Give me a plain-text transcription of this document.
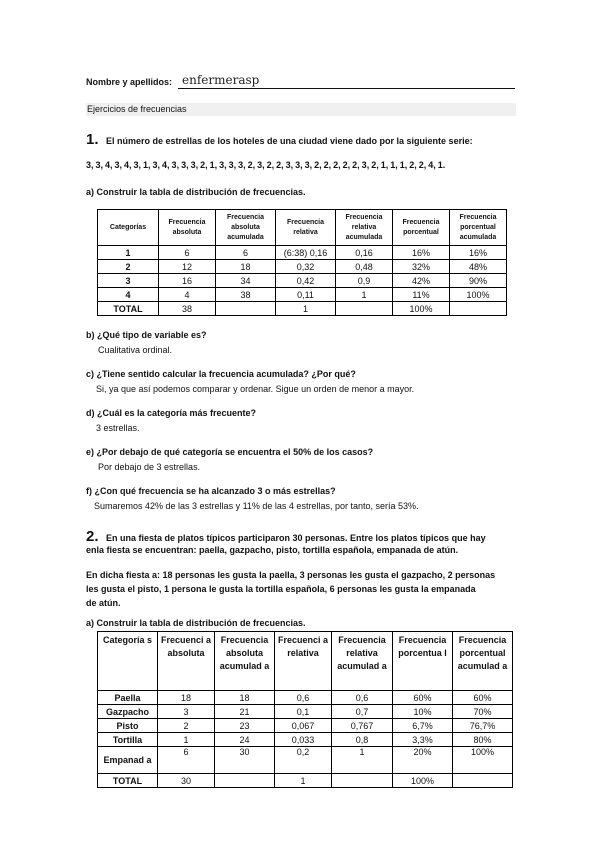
Nombre y apellidos: enfermerasp
Ejercicios de frecuencias
1. El número de estrellas de los hoteles de una ciudad viene dado por la siguiente serie:
3, 3, 4, 3, 4, 3, 1, 3, 4, 3, 3, 3, 2, 1, 3, 3, 3, 2, 3, 2, 2, 3, 3, 3, 2, 2, 2, 2, 2, 3, 2, 1, 1, 1, 2, 2, 4, 1.
a) Construir la tabla de distribución de frecuencias.
Categorías	Frecuencia absoluta	Frecuencia absoluta acumulada	Frecuencia relativa	Frecuencia relativa acumulada	Frecuencia porcentual	Frecuencia porcentual acumulada
1	6	6	(6:38) 0,16	0,16	16%	16%
2	12	18	0,32	0,48	32%	48%
3	16	34	0,42	0,9	42%	90%
4	4	38	0,11	1	11%	100%
TOTAL	38		1		100%	
b) ¿Qué tipo de variable es?
Cualitativa ordinal.
c) ¿Tiene sentido calcular la frecuencia acumulada? ¿Por qué?
Si, ya que así podemos comparar y ordenar. Sigue un orden de menor a mayor.
d) ¿Cuál es la categoría más frecuente?
3 estrellas.
e) ¿Por debajo de qué categoría se encuentra el 50% de los casos?
Por debajo de 3 estrellas.
f) ¿Con qué frecuencia se ha alcanzado 3 o más estrellas?
Sumaremos 42% de las 3 estrellas y 11% de las 4 estrellas, por tanto, sería 53%.
2. En una fiesta de platos típicos participaron 30 personas. Entre los platos típicos que hay
enla fiesta se encuentran: paella, gazpacho, pisto, tortilla española, empanada de atún.
En dicha fiesta a: 18 personas les gusta la paella, 3 personas les gusta el gazpacho, 2 personas
les gusta el pisto, 1 persona le gusta la tortilla española, 6 personas les gusta la empanada
de atún.
a) Construir la tabla de distribución de frecuencias.
Categoría s	Frecuenci a absoluta	Frecuencia absoluta acumulad a	Frecuenci a relativa	Frecuencia relativa acumulad a	Frecuencia porcentua l	Frecuencia porcentual acumulad a
Paella	18	18	0,6	0,6	60%	60%
Gazpacho	3	21	0,1	0,7	10%	70%
Pisto	2	23	0,067	0,767	6,7%	76,7%
Tortilla	1	24	0,033	0,8	3,3%	80%
Empanad a	6	30	0,2	1	20%	100%
TOTAL	30		1		100%	
